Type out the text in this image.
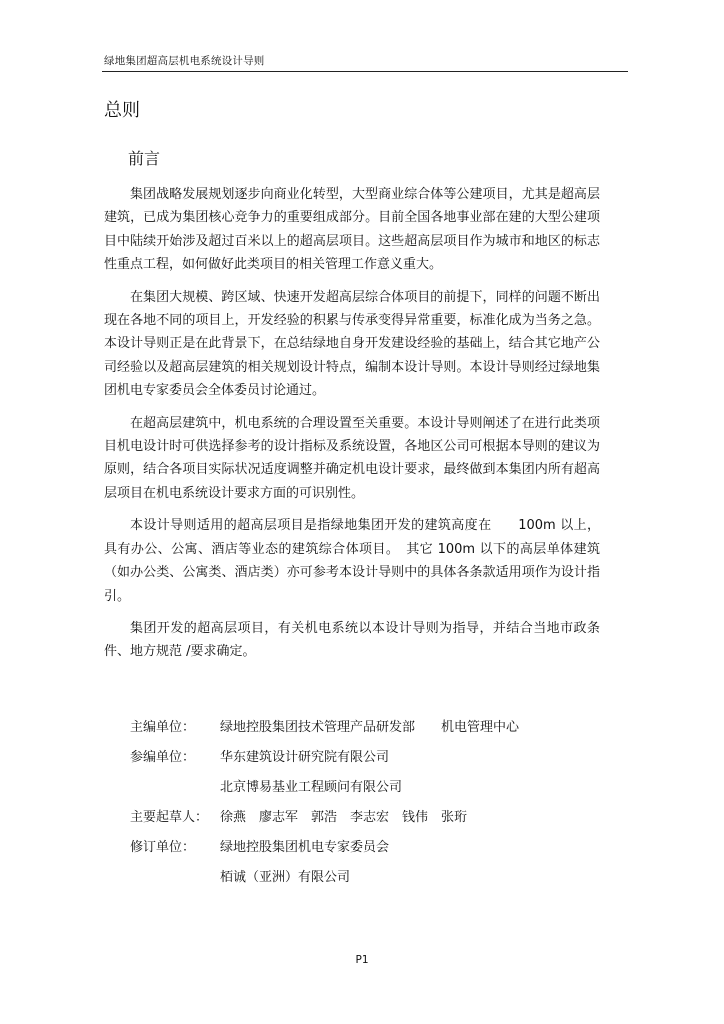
绿地集团超高层机电系统设计导则
总则
前言

集团战略发展规划逐步向商业化转型，大型商业综合体等公建项目，尤其是超高层建筑，已成为集团核心竞争力的重要组成部分。目前全国各地事业部在建的大型公建项目中陆续开始涉及超过百米以上的超高层项目。这些超高层项目作为城市和地区的标志性重点工程，如何做好此类项目的相关管理工作意义重大。

在集团大规模、跨区域、快速开发超高层综合体项目的前提下，同样的问题不断出现在各地不同的项目上，开发经验的积累与传承变得异常重要，标准化成为当务之急。本设计导则正是在此背景下，在总结绿地自身开发建设经验的基础上，结合其它地产公司经验以及超高层建筑的相关规划设计特点，编制本设计导则。本设计导则经过绿地集团机电专家委员会全体委员讨论通过。

在超高层建筑中，机电系统的合理设置至关重要。本设计导则阐述了在进行此类项目机电设计时可供选择参考的设计指标及系统设置，各地区公司可根据本导则的建议为原则，结合各项目实际状况适度调整并确定机电设计要求，最终做到本集团内所有超高层项目在机电系统设计要求方面的可识别性。

本设计导则适用的超高层项目是指绿地集团开发的建筑高度在　　100m 以上，具有办公、公寓、酒店等业态的建筑综合体项目。　其它 100m 以下的高层单体建筑 （如办公类、公寓类、酒店类）亦可参考本设计导则中的具体各条款适用项作为设计指引。

集团开发的超高层项目，有关机电系统以本设计导则为指导，并结合当地市政条件、地方规范 /要求确定。

主编单位：	绿地控股集团技术管理产品研发部　　机电管理中心
参编单位：	华东建筑设计研究院有限公司
北京博易基业工程顾问有限公司
主要起草人： 徐燕　廖志军　郭浩　李志宏　钱伟　张珩
修订单位：	绿地控股集团机电专家委员会
栢诚（亚洲）有限公司
P1
